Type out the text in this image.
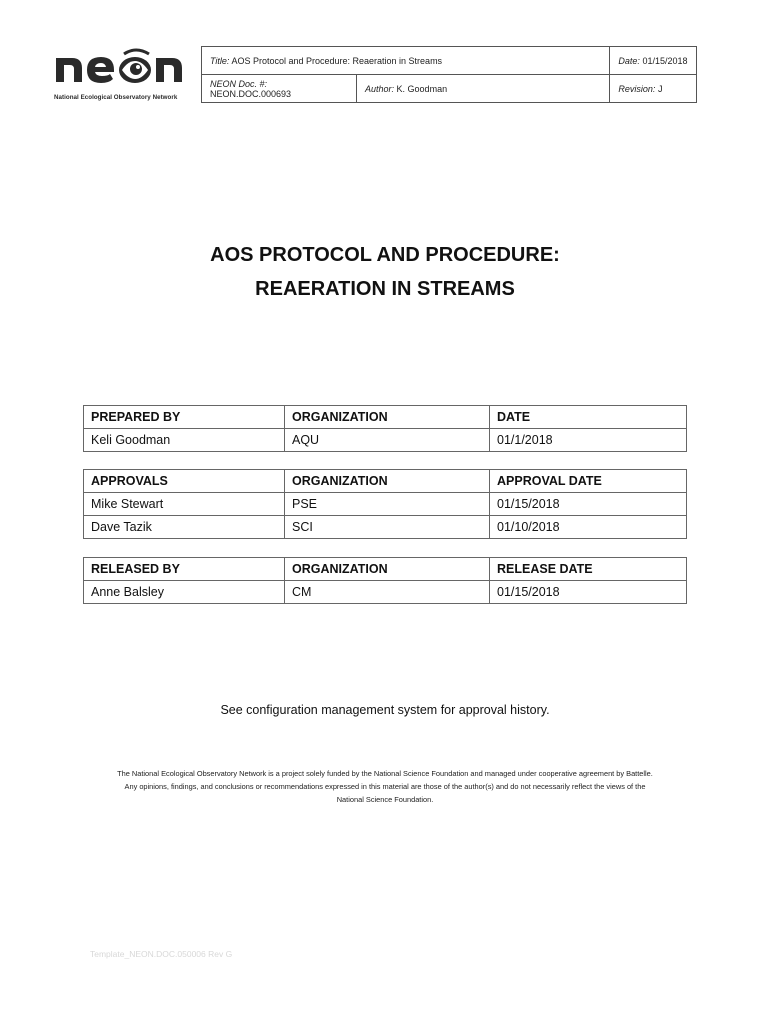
National Ecological Observatory Network
Title: AOS Protocol and Procedure: Reaeration in Streams		Date: 01/15/2018
NEON Doc. #: NEON.DOC.000693	Author: K. Goodman	Revision: J
AOS PROTOCOL AND PROCEDURE:
REAERATION IN STREAMS
PREPARED BY	ORGANIZATION	DATE
Keli Goodman	AQU	01/1/2018
APPROVALS	ORGANIZATION	APPROVAL DATE
Mike Stewart	PSE	01/15/2018
Dave Tazik	SCI	01/10/2018
RELEASED BY	ORGANIZATION	RELEASE DATE
Anne Balsley	CM	01/15/2018
See configuration management system for approval history.
The National Ecological Observatory Network is a project solely funded by the National Science Foundation and managed under cooperative agreement by Battelle.
Any opinions, findings, and conclusions or recommendations expressed in this material are those of the author(s) and do not necessarily reflect the views of the
National Science Foundation.
Template_NEON.DOC.050006 Rev G
